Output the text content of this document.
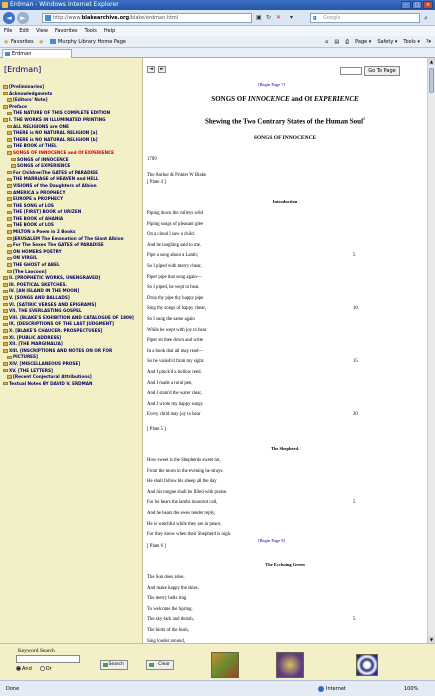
Erdman - Windows Internet Explorer	–	□	×
◄	►	http://www.blakearchive.org/blake/erdman.html	▣ ↻ ✕ ▾	g Google	⌕
File Edit View Favorites Tools Help
★ Favorites ★	Murphy Library Home Page	⌂ ▤ ⎙ Page ▾ Safety ▾ Tools ▾ ?▾
Erdman
[Erdman]
[Preliminaries]
Acknowledgments
[Editors' Note]
Preface
THE NATURE OF THIS COMPLETE EDITION
I. THE WORKS IN ILLUMINATED PRINTING
ALL RELIGIONS are ONE
THERE is NO NATURAL RELIGION [a]
THERE is NO NATURAL RELIGION [b]
THE BOOK of THEL
SONGS OF INNOCENCE and Of EXPERIENCE
SONGS of INNOCENCE
SONGS of EXPERIENCE
For ChildrenThe GATES of PARADISE
THE MARRIAGE of HEAVEN and HELL
VISIONS of the Daughters of Albion
AMERICA a PROPHECY
EUROPE a PROPHECY
THE SONG of LOS
THE [FIRST] BOOK of URIZEN
THE BOOK of AHANIA
THE BOOK of LOS
MILTON a Poem in 2 Books
JERUSALEM The Emanation of The Giant Albion
For The Sexes The GATES of PARADISE
ON HOMERS POETRY
ON VIRGIL
THE GHOST of ABEL
[The Laocoon]
II. [PROPHETIC WORKS, UNENGRAVED]
III. POETICAL SKETCHES.
IV. [AN ISLAND IN THE MOON]
V. [SONGS AND BALLADS]
VI. [SATIRIC VERSES AND EPIGRAMS]
VII. THE EVERLASTING GOSPEL
VIII. [BLAKE'S EXHIBITION AND CATALOGUE OF 1809]
IX. [DESCRIPTIONS OF THE LAST JUDGMENT]
X. [BLAKE'S CHAUCER: PROSPECTUSES]
XI. [PUBLIC ADDRESS]
XII. [THE MARGINALIA]
XIII. [INSCRIPTIONS AND NOTES ON OR FOR
PICTURES]
XIV. [MISCELLANEOUS PROSE]
XV. [THE LETTERS]
[Recent Conjectural Attributions]
Textual Notes BY DAVID V. ERDMAN
◄	►	Go To Page
[Begin Page 7]
SONGS OF INNOCENCE and Of EXPERIENCE
Shewing the Two Contrary States of the Human Soul$^1$
SONGS OF INNOCENCE
1789
The Author & Printer W Blake
[ Plate 4 ]
Introduction
Piping down the valleys wild
Piping songs of pleasant glee
On a cloud I saw a child.
And he laughing said to me.
Pipe a song about a Lamb;	5
So I piped with merry chear,
Piper pipe that song again—
So I piped, he wept to hear.
Drop thy pipe thy happy pipe
Sing thy songs of happy chear,	10
So I sung the same again
While he wept with joy to hear
Piper sit thee down and write
In a book that all may read—
So he vanish'd from my sight.	15
And I pluck'd a hollow reed.
And I made a rural pen,
And I stain'd the water clear,
And I wrote my happy songs
Every child may joy to hear	20
[ Plate 5 ]
The Shepherd.
How sweet is the Shepherds sweet lot,
From the morn to the evening he strays:
He shall follow his sheep all the day
And his tongue shall be filled with praise.
For he hears the lambs innocent call,	5
And he hears the ewes tender reply,
He is watchful while they are in peace,
For they know when their Shepherd is nigh.
[Begin Page 8]
[ Plate 6 ]
The Ecchoing Green
The Sun does arise,
And make happy the skies.
The merry bells ring
To welcome the Spring.
The sky-lark and thrush,	5
The birds of the bush,
Sing louder around,
▲
▼
Keyword Search
And	Or
Search	Clear
Done	Internet	100%
